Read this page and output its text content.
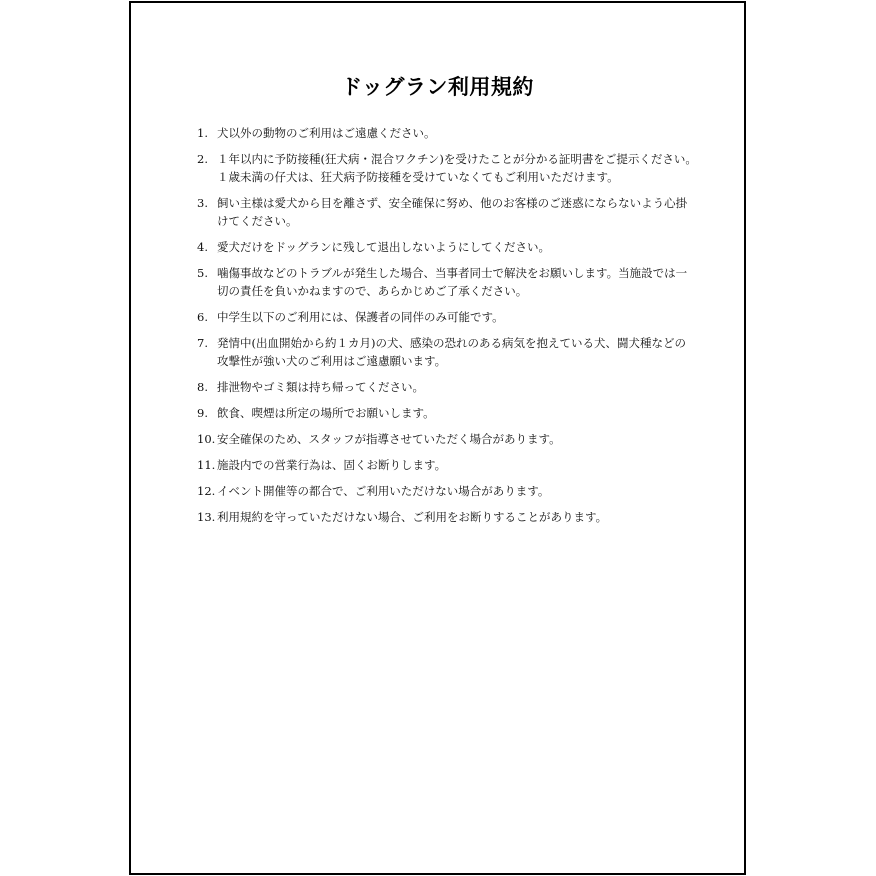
ドッグラン利用規約
1. 犬以外の動物のご利用はご遠慮ください。
2. １年以内に予防接種(狂犬病・混合ワクチン)を受けたことが分かる証明書をご提示ください。１歳未満の仔犬は、狂犬病予防接種を受けていなくてもご利用いただけます。
3. 飼い主様は愛犬から目を離さず、安全確保に努め、他のお客様のご迷惑にならないよう心掛けてください。
4. 愛犬だけをドッグランに残して退出しないようにしてください。
5. 噛傷事故などのトラブルが発生した場合、当事者同士で解決をお願いします。当施設では一切の責任を負いかねますので、あらかじめご了承ください。
6. 中学生以下のご利用には、保護者の同伴のみ可能です。
7. 発情中(出血開始から約１カ月)の犬、感染の恐れのある病気を抱えている犬、闘犬種などの攻撃性が強い犬のご利用はご遠慮願います。
8. 排泄物やゴミ類は持ち帰ってください。
9. 飲食、喫煙は所定の場所でお願いします。
10. 安全確保のため、スタッフが指導させていただく場合があります。
11. 施設内での営業行為は、固くお断りします。
12. イベント開催等の都合で、ご利用いただけない場合があります。
13. 利用規約を守っていただけない場合、ご利用をお断りすることがあります。
